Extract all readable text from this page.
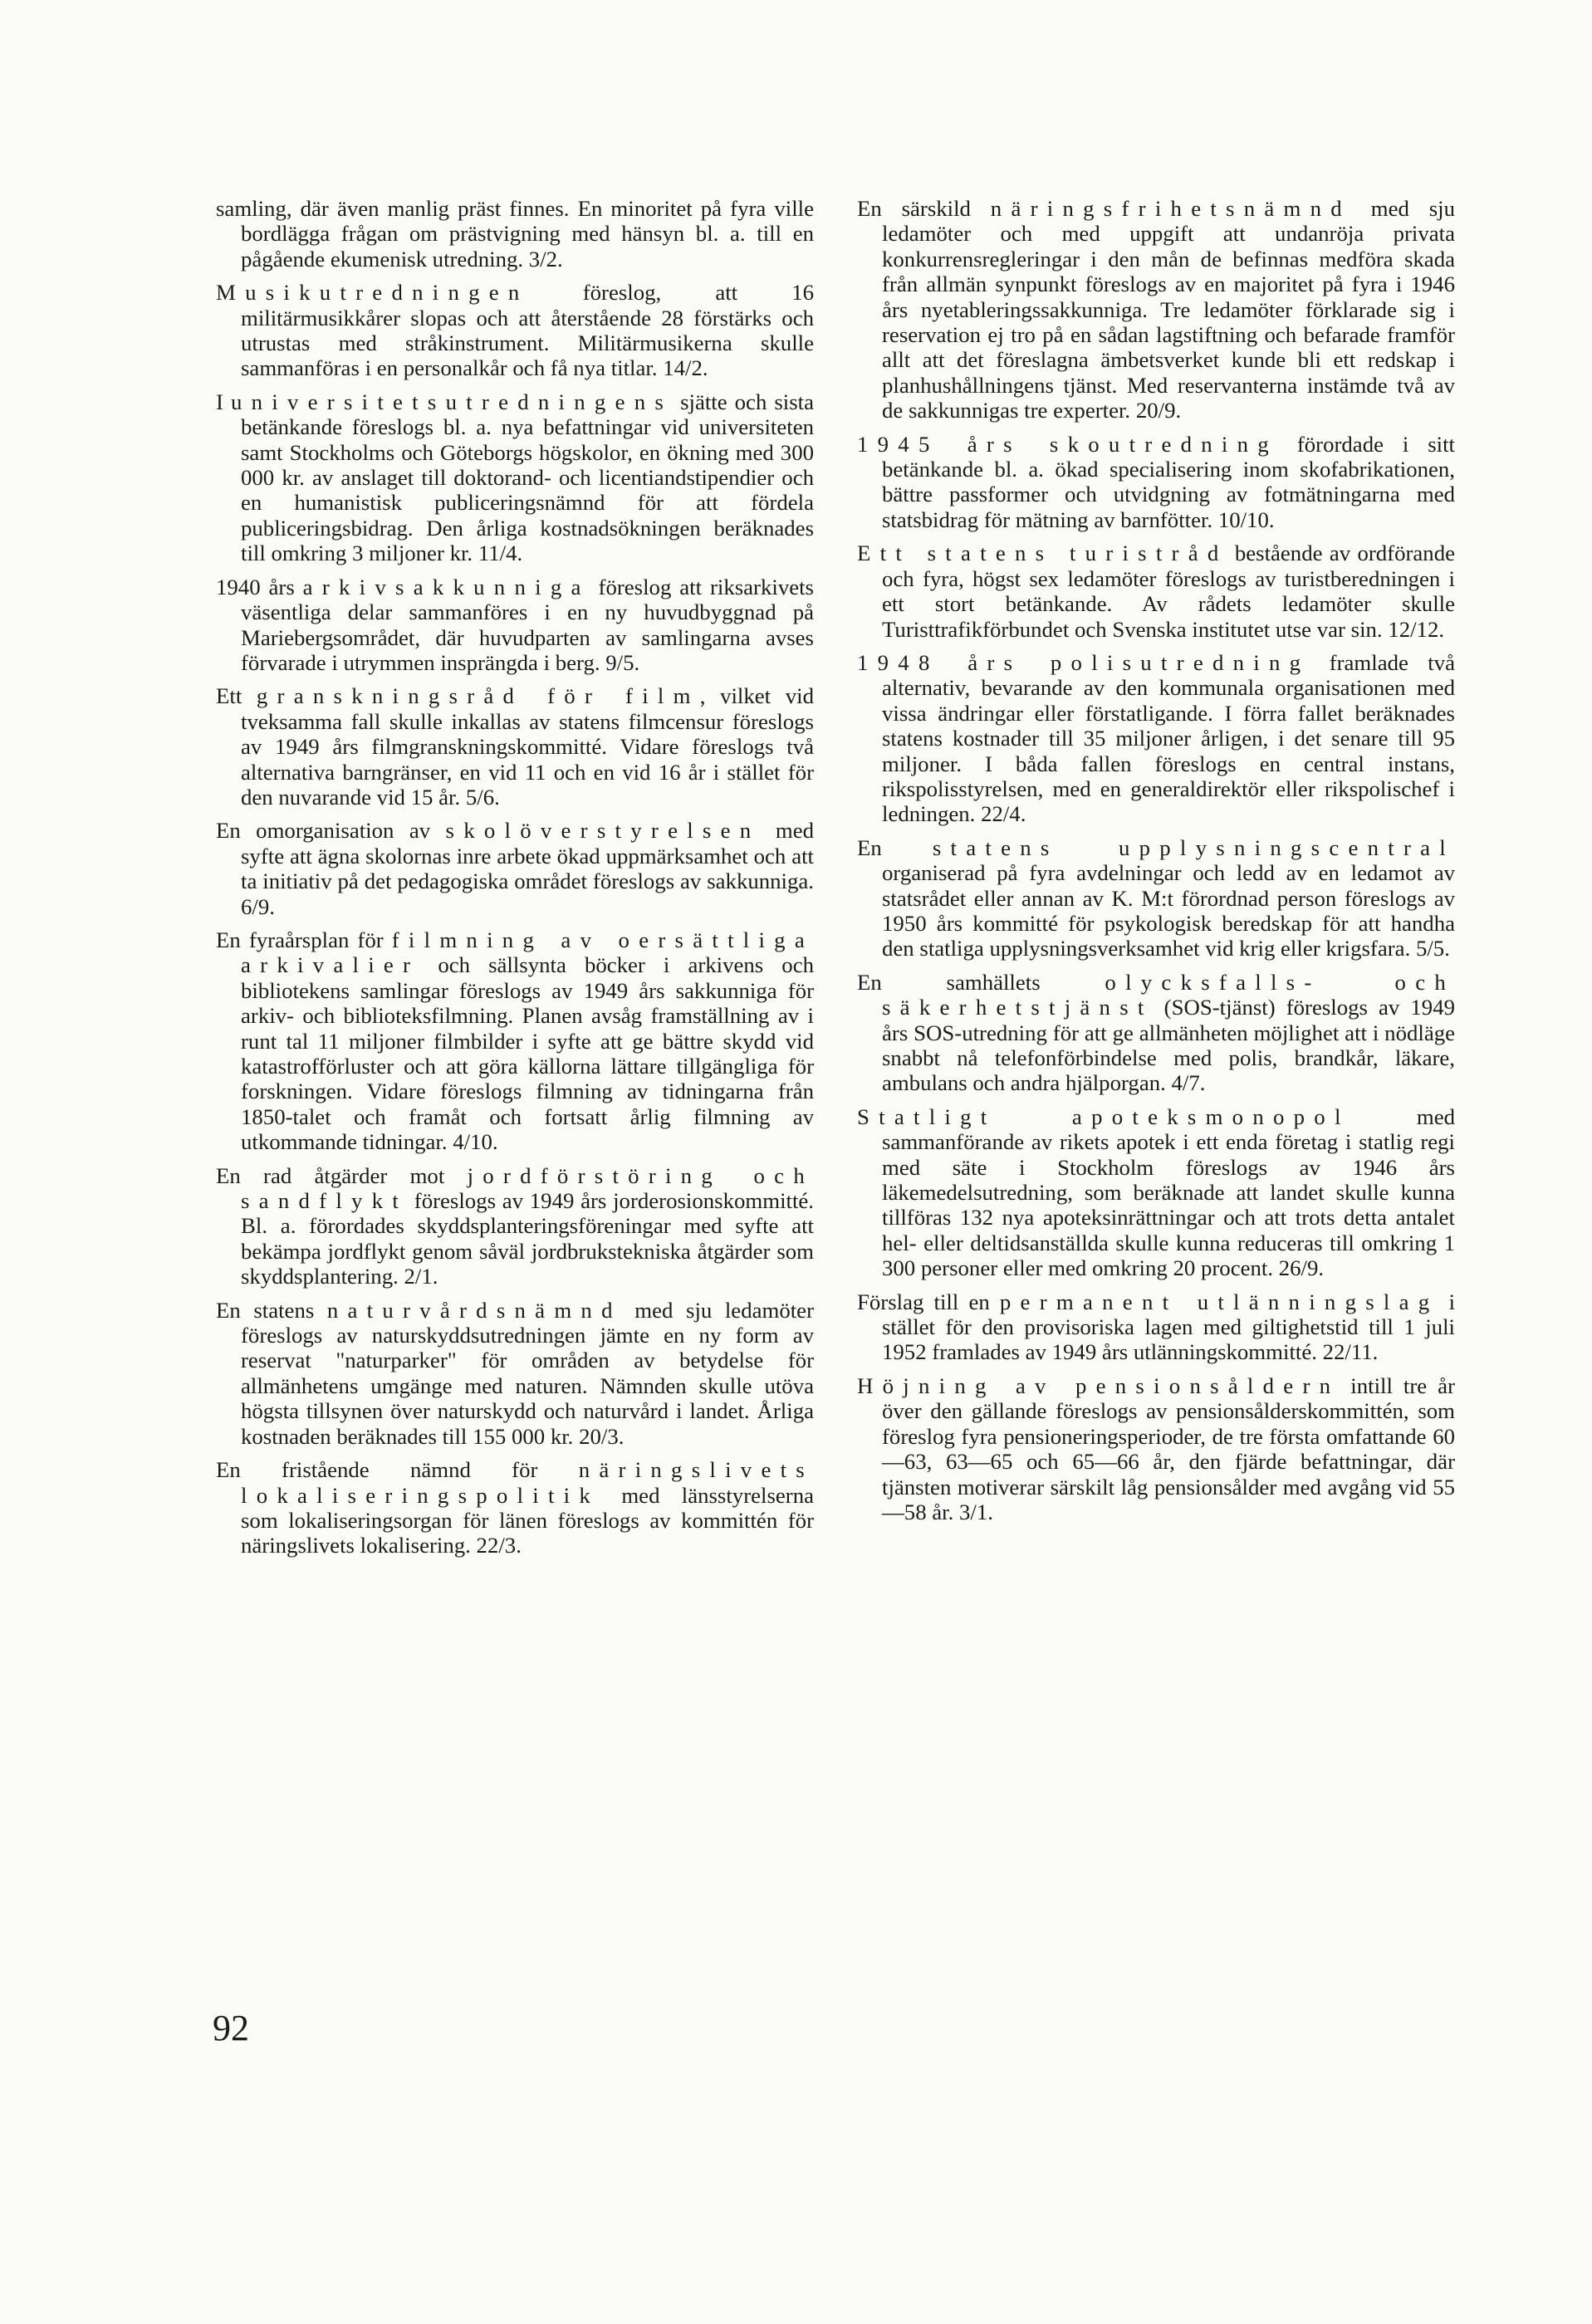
samling, där även manlig präst finnes. En minoritet på fyra ville bordlägga frågan om prästvigning med hänsyn bl. a. till en pågående ekumenisk utredning. 3/2.

Musikutredningen föreslog, att 16 militärmusikkårer slopas och att återstående 28 förstärks och utrustas med stråkinstrument. Militärmusikerna skulle sammanföras i en personalkår och få nya titlar. 14/2.

I universitetsutredningens sjätte och sista betänkande föreslogs bl. a. nya befattningar vid universiteten samt Stockholms och Göteborgs högskolor, en ökning med 300 000 kr. av anslaget till doktorand- och licentiandstipendier och en humanistisk publiceringsnämnd för att fördela publiceringsbidrag. Den årliga kostnadsökningen beräknades till omkring 3 miljoner kr. 11/4.

1940 års arkivsakkunniga föreslog att riksarkivets väsentliga delar sammanföres i en ny huvudbyggnad på Mariebergsområdet, där huvudparten av samlingarna avses förvarade i utrymmen insprängda i berg. 9/5.

Ett granskningsråd för film, vilket vid tveksamma fall skulle inkallas av statens filmcensur föreslogs av 1949 års filmgranskningskommitté. Vidare föreslogs två alternativa barngränser, en vid 11 och en vid 16 år i stället för den nuvarande vid 15 år. 5/6.

En omorganisation av skolöverstyrelsen med syfte att ägna skolornas inre arbete ökad uppmärksamhet och att ta initiativ på det pedagogiska området föreslogs av sakkunniga. 6/9.

En fyraårsplan för filmning av oersättliga arkivalier och sällsynta böcker i arkivens och bibliotekens samlingar föreslogs av 1949 års sakkunniga för arkiv- och biblioteksfilmning. Planen avsåg framställning av i runt tal 11 miljoner filmbilder i syfte att ge bättre skydd vid katastrofförluster och att göra källorna lättare tillgängliga för forskningen. Vidare föreslogs filmning av tidningarna från 1850-talet och framåt och fortsatt årlig filmning av utkommande tidningar. 4/10.

En rad åtgärder mot jordförstöring och sandflykt föreslogs av 1949 års jorderosionskommitté. Bl. a. förordades skyddsplanteringsföreningar med syfte att bekämpa jordflykt genom såväl jordbrukstekniska åtgärder som skyddsplantering. 2/1.

En statens naturvårdsnämnd med sju ledamöter föreslogs av naturskyddsutredningen jämte en ny form av reservat "naturparker" för områden av betydelse för allmänhetens umgänge med naturen. Nämnden skulle utöva högsta tillsynen över naturskydd och naturvård i landet. Årliga kostnaden beräknades till 155 000 kr. 20/3.

En fristående nämnd för näringslivets lokaliseringspolitik med länsstyrelserna som lokaliseringsorgan för länen föreslogs av kommittén för näringslivets lokalisering. 22/3.

En särskild näringsfrihetsnämnd med sju ledamöter och med uppgift att undanröja privata konkurrensregleringar i den mån de befinnas medföra skada från allmän synpunkt föreslogs av en majoritet på fyra i 1946 års nyetableringssakkunniga. Tre ledamöter förklarade sig i reservation ej tro på en sådan lagstiftning och befarade framför allt att det föreslagna ämbetsverket kunde bli ett redskap i planhushållningens tjänst. Med reservanterna instämde två av de sakkunnigas tre experter. 20/9.

1945 års skoutredning förordade i sitt betänkande bl. a. ökad specialisering inom skofabrikationen, bättre passformer och utvidgning av fotmätningarna med statsbidrag för mätning av barnfötter. 10/10.

Ett statens turistråd bestående av ordförande och fyra, högst sex ledamöter föreslogs av turistberedningen i ett stort betänkande. Av rådets ledamöter skulle Turisttrafikförbundet och Svenska institutet utse var sin. 12/12.

1948 års polisutredning framlade två alternativ, bevarande av den kommunala organisationen med vissa ändringar eller förstatligande. I förra fallet beräknades statens kostnader till 35 miljoner årligen, i det senare till 95 miljoner. I båda fallen föreslogs en central instans, rikspolisstyrelsen, med en generaldirektör eller rikspolischef i ledningen. 22/4.

En statens upplysningscentral organiserad på fyra avdelningar och ledd av en ledamot av statsrådet eller annan av K. M:t förordnad person föreslogs av 1950 års kommitté för psykologisk beredskap för att handha den statliga upplysningsverksamhet vid krig eller krigsfara. 5/5.

En samhällets olycksfalls- och säkerhetstjänst (SOS-tjänst) föreslogs av 1949 års SOS-utredning för att ge allmänheten möjlighet att i nödläge snabbt nå telefonförbindelse med polis, brandkår, läkare, ambulans och andra hjälporgan. 4/7.

Statligt apoteksmonopol med sammanförande av rikets apotek i ett enda företag i statlig regi med säte i Stockholm föreslogs av 1946 års läkemedelsutredning, som beräknade att landet skulle kunna tillföras 132 nya apoteksinrättningar och att trots detta antalet hel- eller deltidsanställda skulle kunna reduceras till omkring 1 300 personer eller med omkring 20 procent. 26/9.

Förslag till en permanent utlänningslag i stället för den provisoriska lagen med giltighetstid till 1 juli 1952 framlades av 1949 års utlänningskommitté. 22/11.

Höjning av pensionsåldern intill tre år över den gällande föreslogs av pensionsålderskommittén, som föreslog fyra pensioneringsperioder, de tre första omfattande 60—63, 63—65 och 65—66 år, den fjärde befattningar, där tjänsten motiverar särskilt låg pensionsålder med avgång vid 55—58 år. 3/1.

92
